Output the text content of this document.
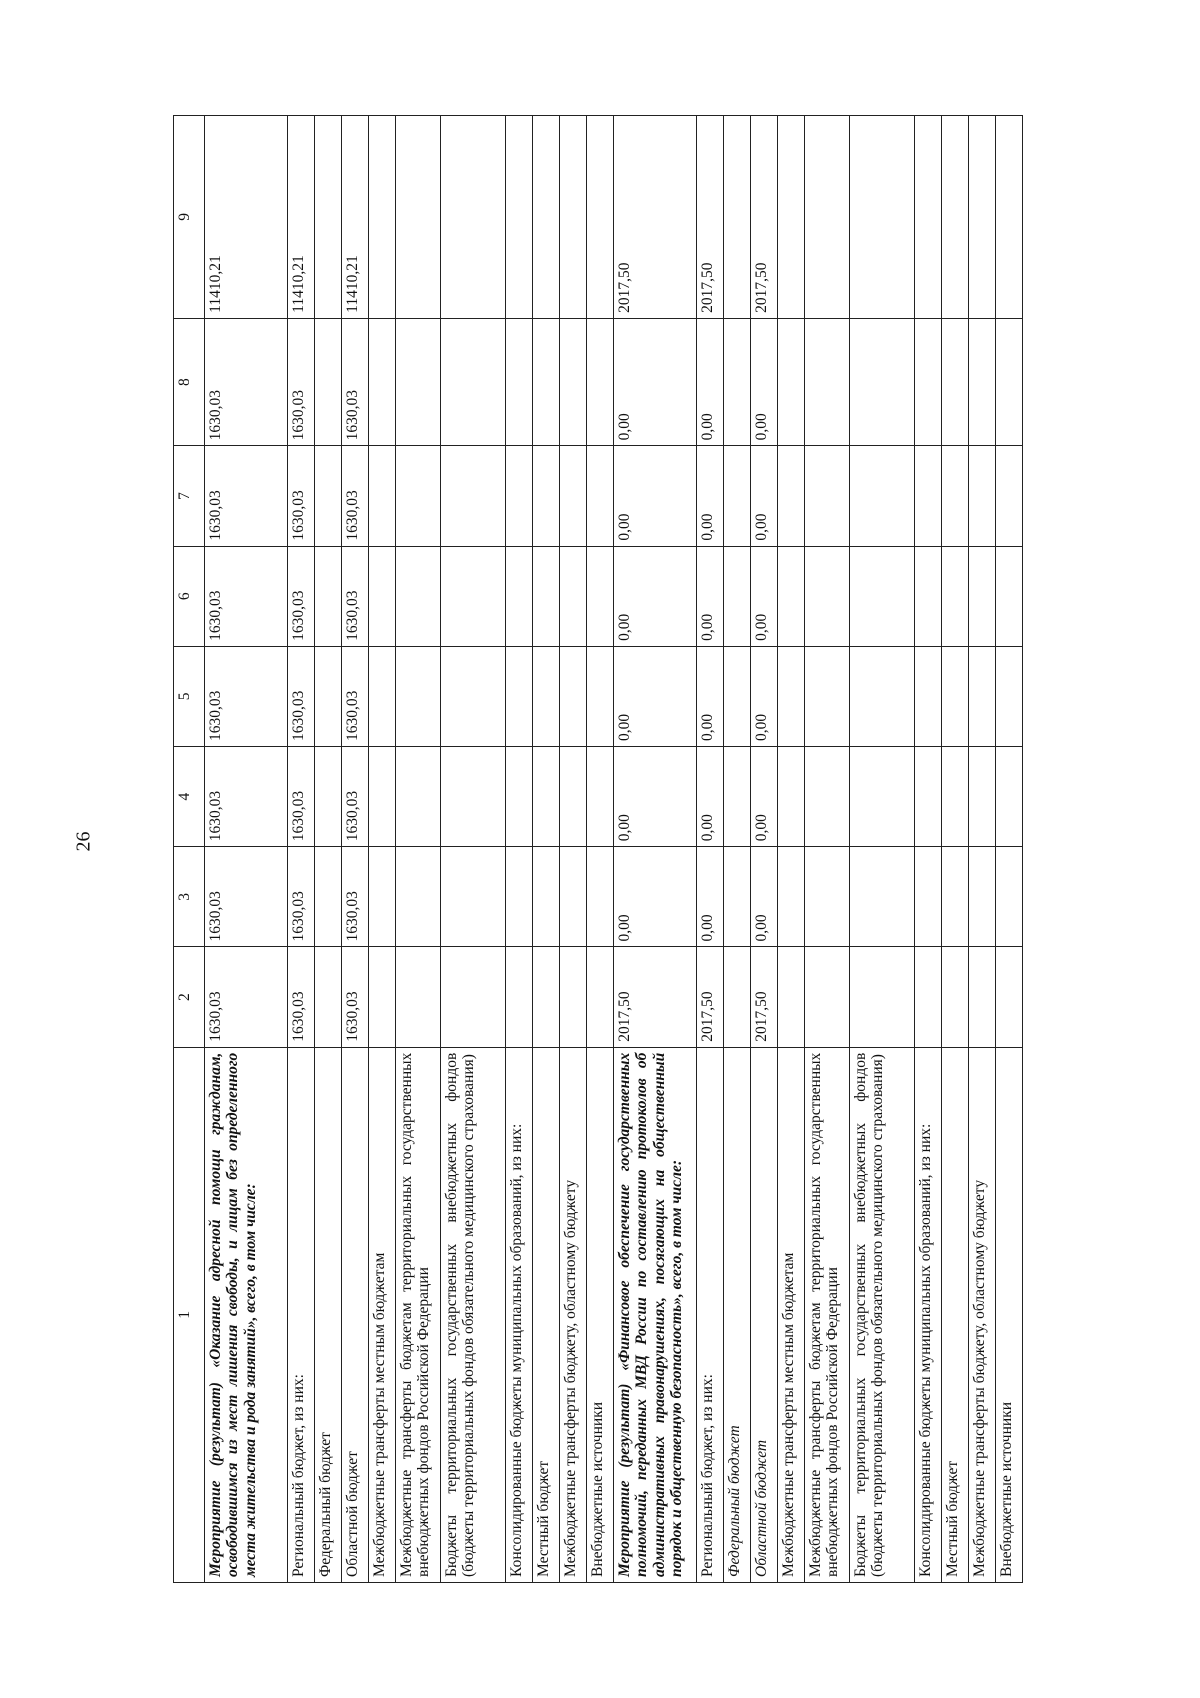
26
1	2	3	4	5	6	7	8	9
Мероприятие (результат) «Оказание адресной помощи гражданам, освободившимся из мест лишения свободы, и лицам без определенного места жительства и рода занятий», всего, в том числе:	1630,03	1630,03	1630,03	1630,03	1630,03	1630,03	1630,03	11410,21
Региональный бюджет, из них:	1630,03	1630,03	1630,03	1630,03	1630,03	1630,03	1630,03	11410,21
Федеральный бюджет								
Областной бюджет	1630,03	1630,03	1630,03	1630,03	1630,03	1630,03	1630,03	11410,21
Межбюджетные трансферты местным бюджетам								
Межбюджетные трансферты бюджетам территориальных государственных внебюджетных фондов Российской Федерации								
Бюджеты территориальных государственных внебюджетных фондов (бюджеты территориальных фондов обязательного медицинского страхования)								
Консолидированные бюджеты муниципальных образований, из них:								
Местный бюджет								
Межбюджетные трансферты бюджету, областному бюджету								
Внебюджетные источники								
Мероприятие (результат) «Финансовое обеспечение государственных полномочий, переданных МВД России по составлению протоколов об административных правонарушениях, посягающих на общественный порядок и общественную безопасность», всего, в том числе:	2017,50	0,00	0,00	0,00	0,00	0,00	0,00	2017,50
Региональный бюджет, из них:	2017,50	0,00	0,00	0,00	0,00	0,00	0,00	2017,50
Федеральный бюджет								
Областной бюджет	2017,50	0,00	0,00	0,00	0,00	0,00	0,00	2017,50
Межбюджетные трансферты местным бюджетам								
Межбюджетные трансферты бюджетам территориальных государственных внебюджетных фондов Российской Федерации								
Бюджеты территориальных государственных внебюджетных фондов (бюджеты территориальных фондов обязательного медицинского страхования)								
Консолидированные бюджеты муниципальных образований, из них:								
Местный бюджет								
Межбюджетные трансферты бюджету, областному бюджету								
Внебюджетные источники								
